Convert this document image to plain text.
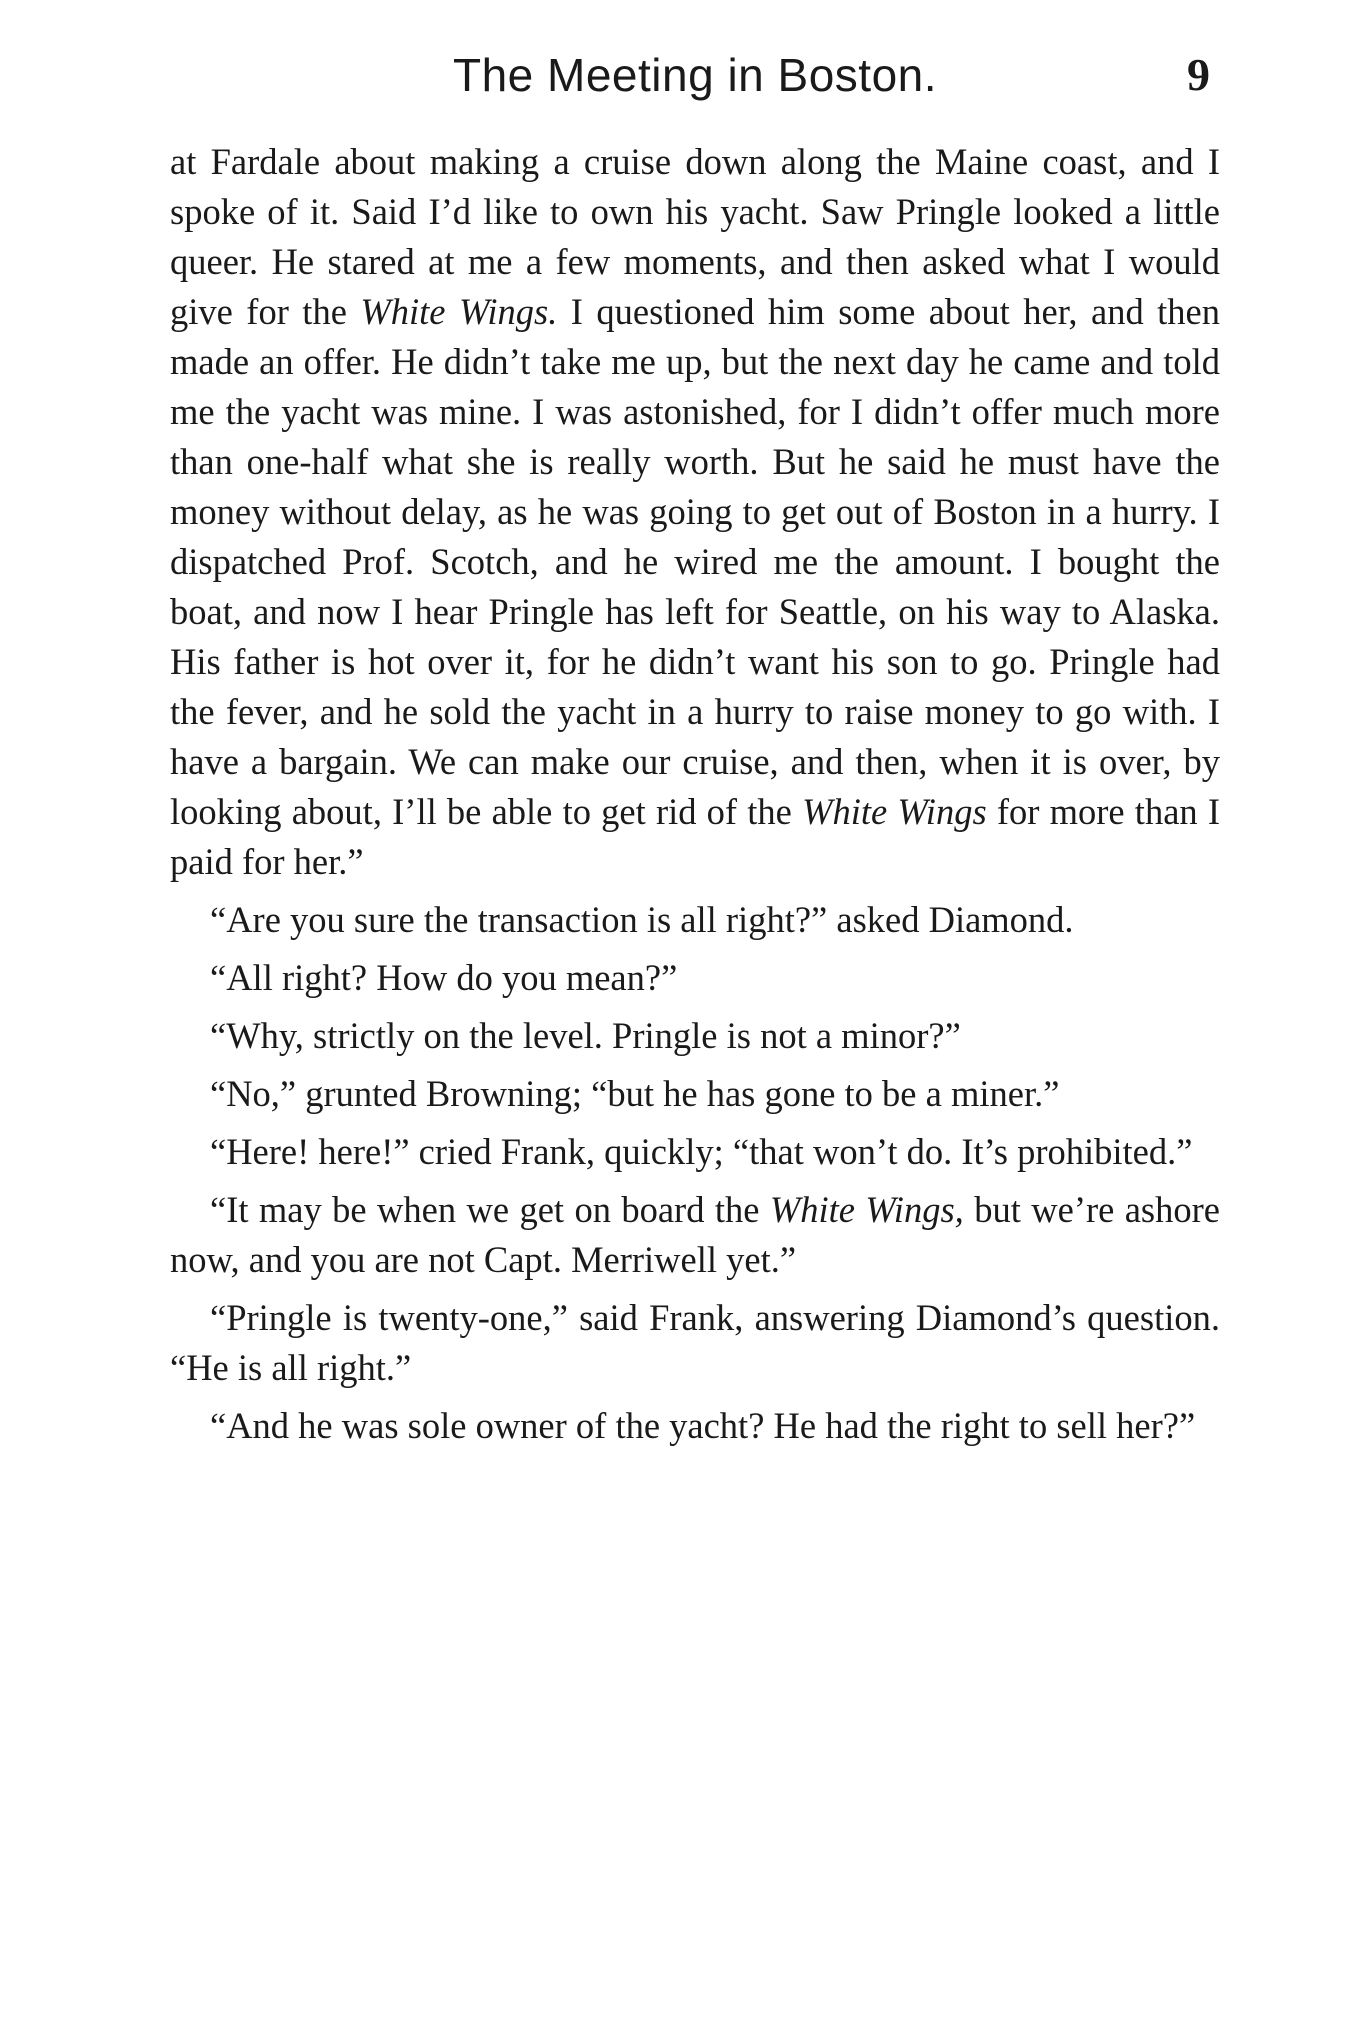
The Meeting in Boston.	9

at Fardale about making a cruise down along the Maine coast, and I spoke of it. Said I’d like to own his yacht. Saw Pringle looked a little queer. He stared at me a few moments, and then asked what I would give for the White Wings. I questioned him some about her, and then made an offer. He didn’t take me up, but the next day he came and told me the yacht was mine. I was astonished, for I didn’t offer much more than one-half what she is really worth. But he said he must have the money without delay, as he was going to get out of Boston in a hurry. I dispatched Prof. Scotch, and he wired me the amount. I bought the boat, and now I hear Pringle has left for Seattle, on his way to Alaska. His father is hot over it, for he didn’t want his son to go. Pringle had the fever, and he sold the yacht in a hurry to raise money to go with. I have a bargain. We can make our cruise, and then, when it is over, by looking about, I’ll be able to get rid of the White Wings for more than I paid for her.”

“Are you sure the transaction is all right?” asked Diamond.

“All right? How do you mean?”

“Why, strictly on the level. Pringle is not a minor?”

“No,” grunted Browning; “but he has gone to be a miner.”

“Here! here!” cried Frank, quickly; “that won’t do. It’s prohibited.”

“It may be when we get on board the White Wings, but we’re ashore now, and you are not Capt. Merriwell yet.”

“Pringle is twenty-one,” said Frank, answering Diamond’s question. “He is all right.”

“And he was sole owner of the yacht? He had the right to sell her?”
